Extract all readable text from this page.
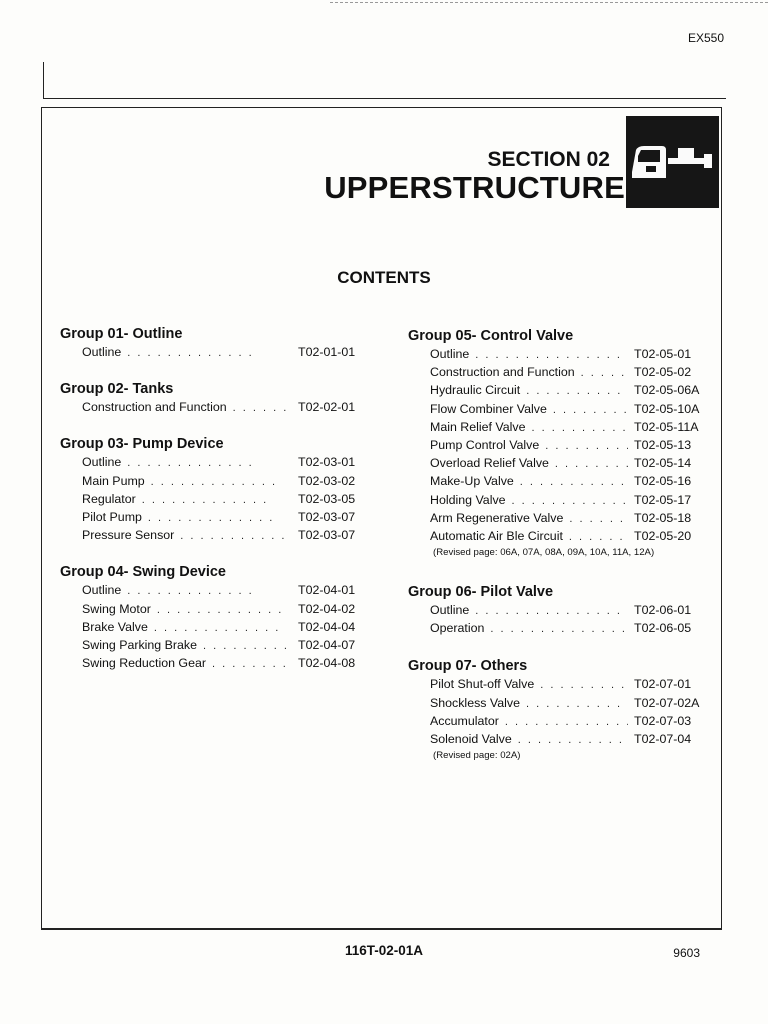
EX550
SECTION 02
UPPERSTRUCTURE
CONTENTS
Group 01- Outline
Outline . . .	T02-01-01
Group 02- Tanks
Construction and Function . . .	T02-02-01
Group 03- Pump Device
Outline . . .	T02-03-01
Main Pump . . .	T02-03-02
Regulator . . .	T02-03-05
Pilot Pump . . .	T02-03-07
Pressure Sensor . . .	T02-03-07
Group 04- Swing Device
Outline . . .	T02-04-01
Swing Motor . . .	T02-04-02
Brake Valve . . .	T02-04-04
Swing Parking Brake . . .	T02-04-07
Swing Reduction Gear . . .	T02-04-08
Group 05- Control Valve
Outline . . .	T02-05-01
Construction and Function . . .	T02-05-02
Hydraulic Circuit . . .	T02-05-06A
Flow Combiner Valve . . .	T02-05-10A
Main Relief Valve . . .	T02-05-11A
Pump Control Valve . . .	T02-05-13
Overload Relief Valve . . .	T02-05-14
Make-Up Valve . . .	T02-05-16
Holding Valve . . .	T02-05-17
Arm Regenerative Valve . . .	T02-05-18
Automatic Air Ble Circuit . . .	T02-05-20
(Revised page: 06A, 07A, 08A, 09A, 10A, 11A, 12A)
Group 06- Pilot Valve
Outline . . .	T02-06-01
Operation . . .	T02-06-05
Group 07- Others
Pilot Shut-off Valve . . .	T02-07-01
Shockless Valve . . .	T02-07-02A
Accumulator . . .	T02-07-03
Solenoid Valve . . .	T02-07-04
(Revised page: 02A)
116T-02-01A	9603
